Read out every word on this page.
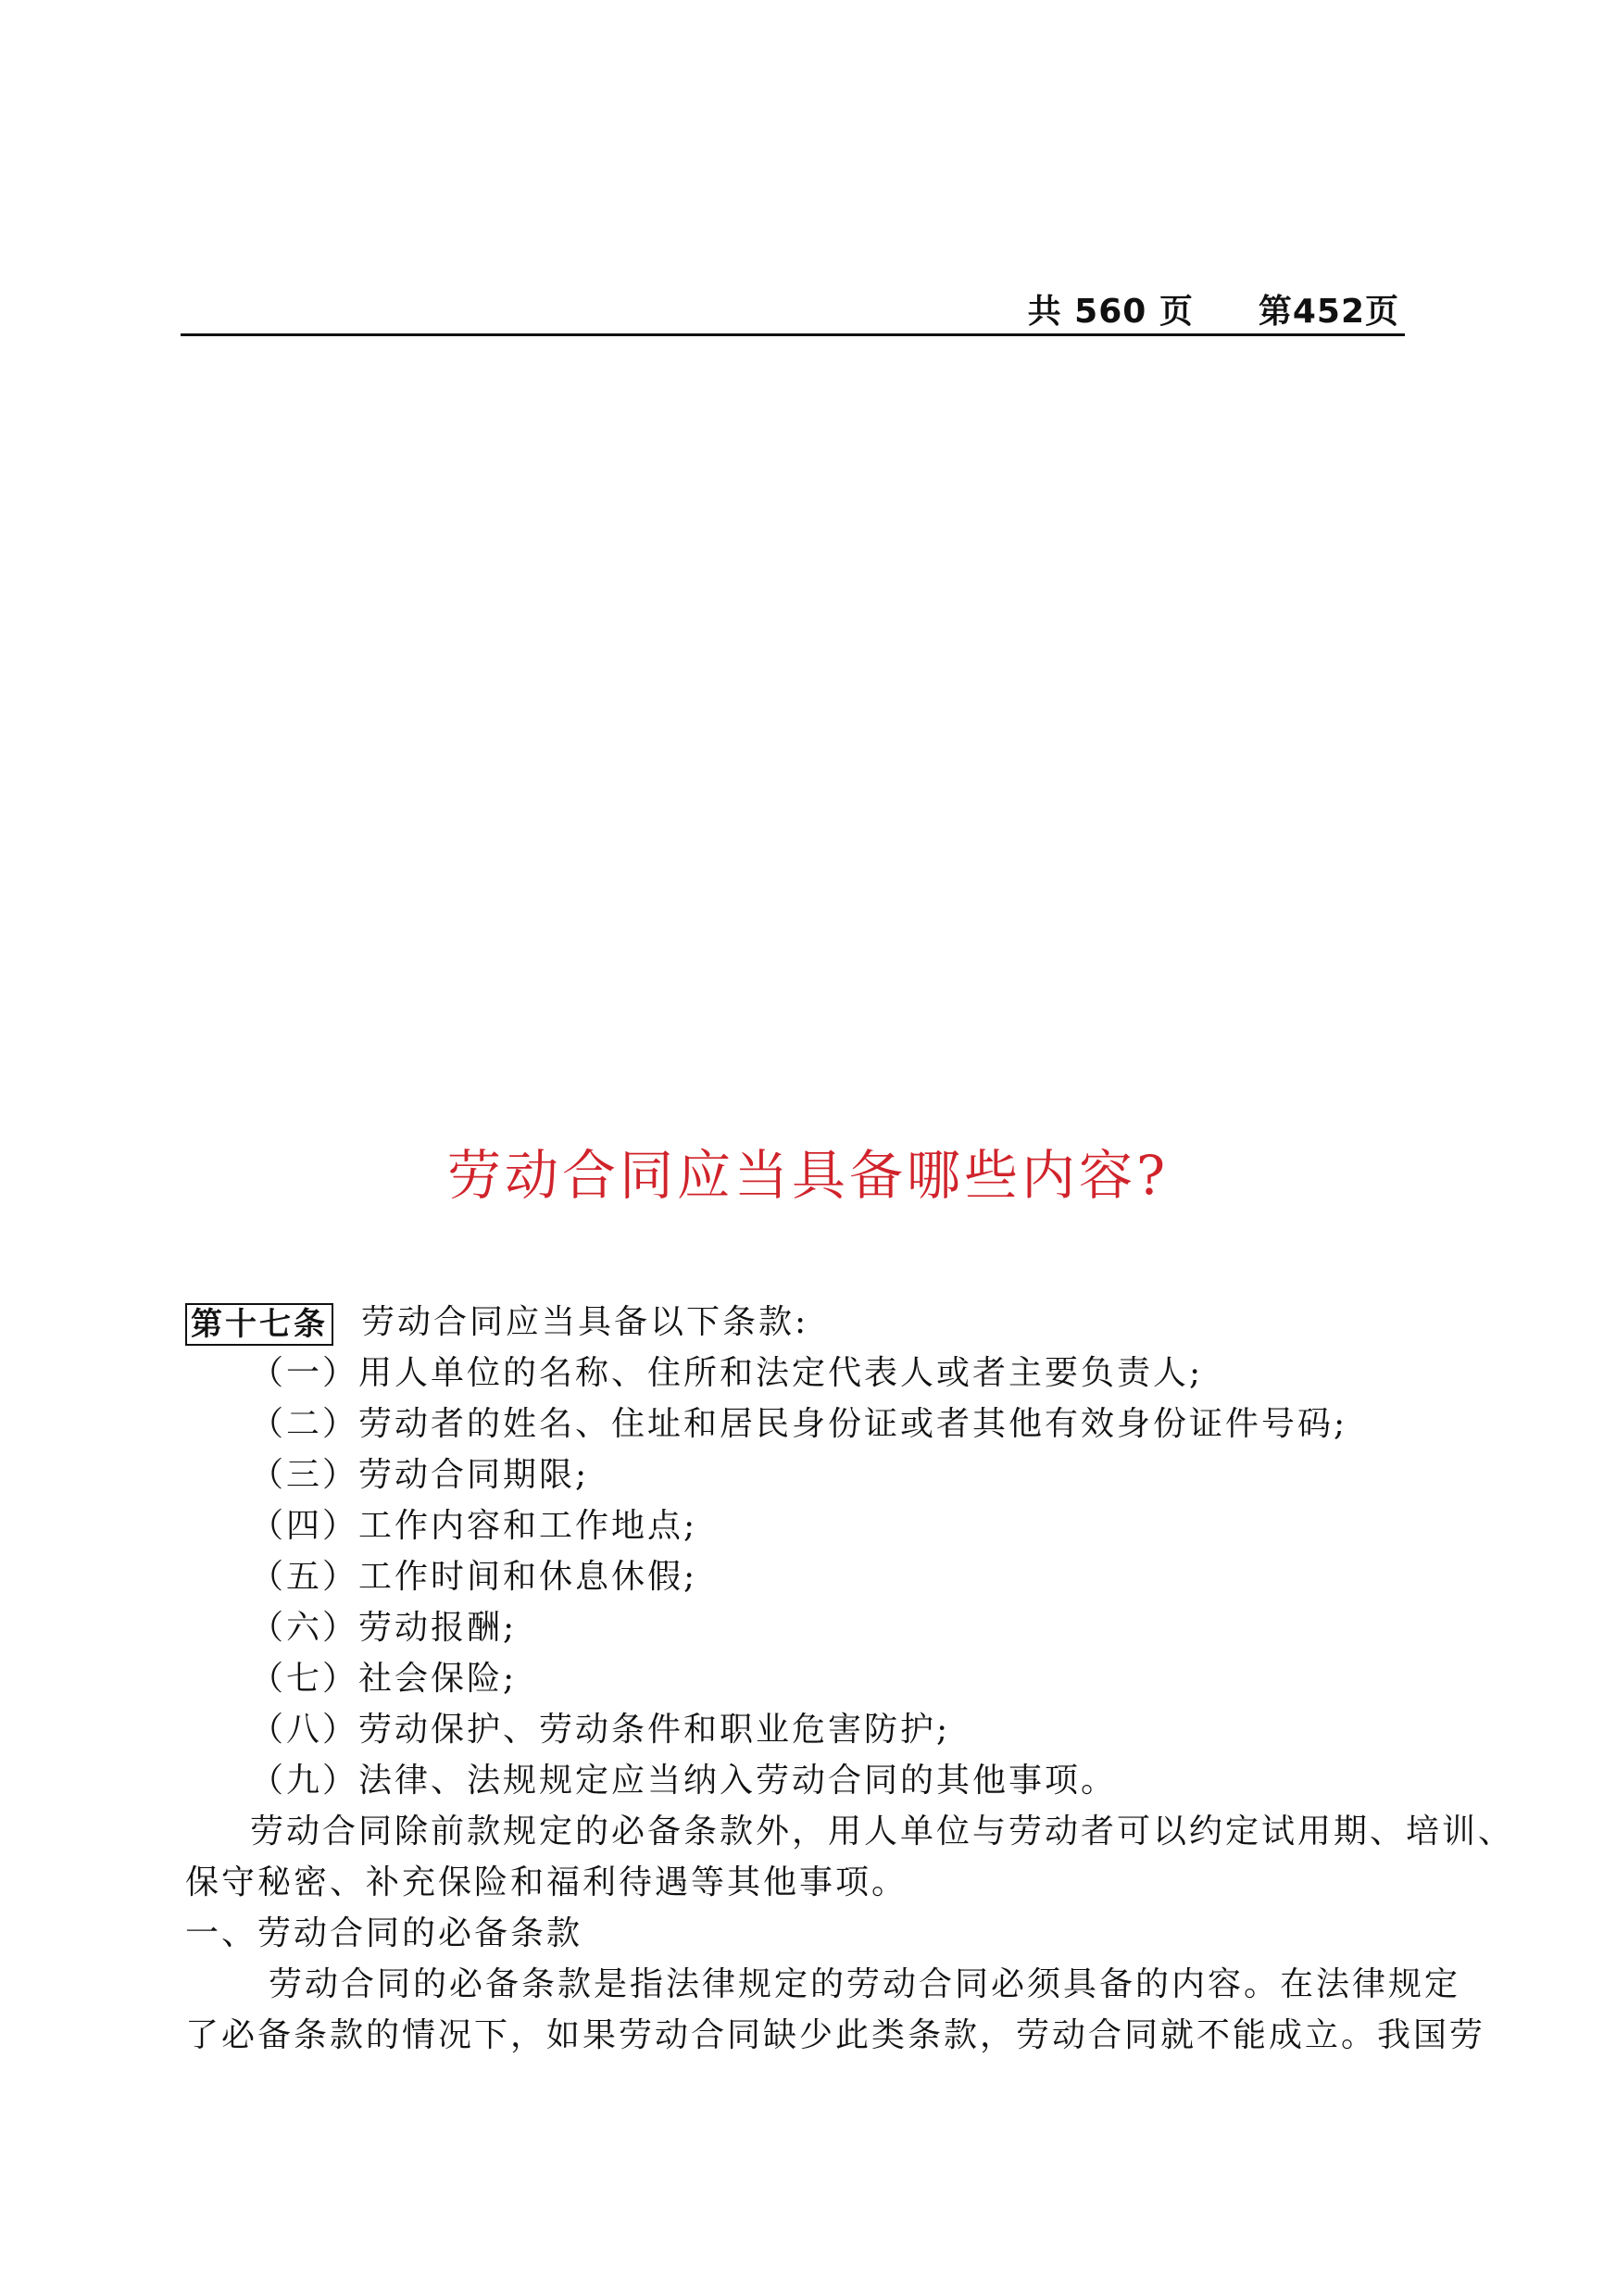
共 560 页 第452页
劳动合同应当具备哪些内容?
第十七条 劳动合同应当具备以下条款:
（一）用人单位的名称、住所和法定代表人或者主要负责人;
（二）劳动者的姓名、住址和居民身份证或者其他有效身份证件号码;
（三）劳动合同期限;
（四）工作内容和工作地点;
（五）工作时间和休息休假;
（六）劳动报酬;
（七）社会保险;
（八）劳动保护、劳动条件和职业危害防护;
（九）法律、法规规定应当纳入劳动合同的其他事项。
劳动合同除前款规定的必备条款外，用人单位与劳动者可以约定试用期、培训、
保守秘密、补充保险和福利待遇等其他事项。
一、劳动合同的必备条款
劳动合同的必备条款是指法律规定的劳动合同必须具备的内容。在法律规定
了必备条款的情况下，如果劳动合同缺少此类条款，劳动合同就不能成立。我国劳
